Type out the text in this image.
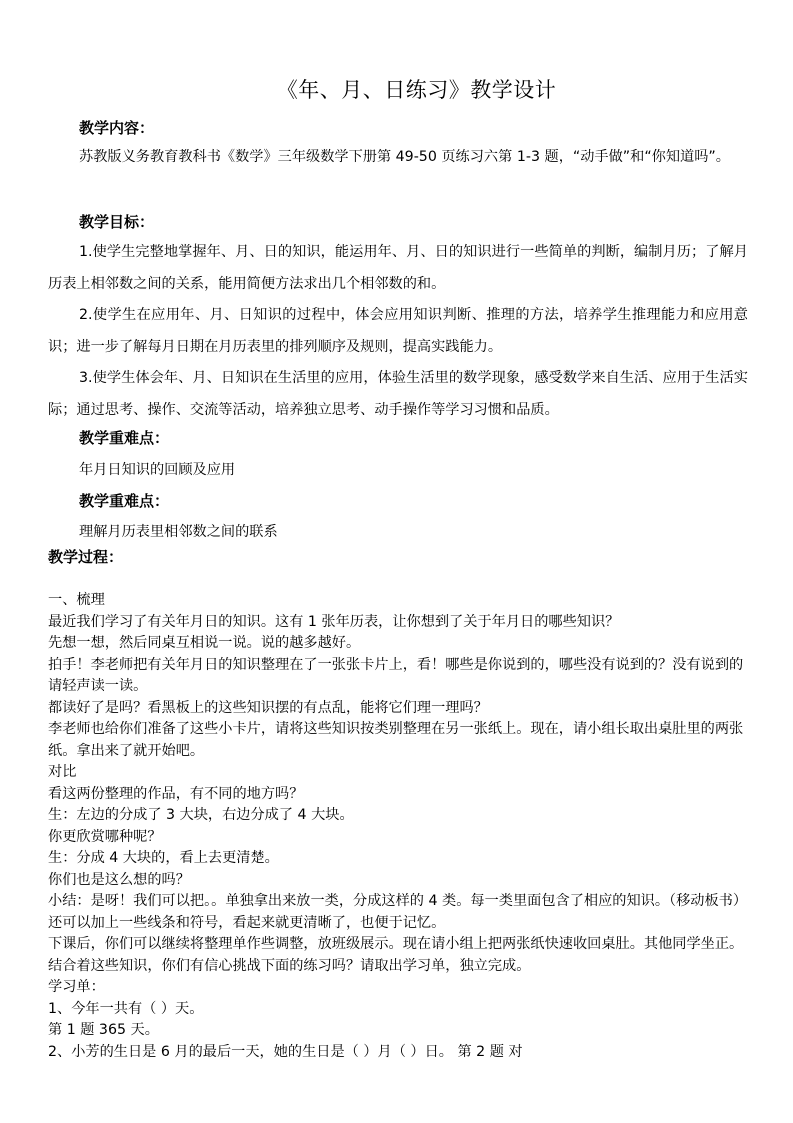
《年、月、日练习》教学设计
教学内容：

苏教版义务教育教科书《数学》三年级数学下册第 49-50 页练习六第 1-3 题，“动手做”和“你知道吗”。

教学目标：

1.使学生完整地掌握年、月、日的知识，能运用年、月、日的知识进行一些简单的判断，编制月历；了解月历表上相邻数之间的关系，能用简便方法求出几个相邻数的和。

2.使学生在应用年、月、日知识的过程中，体会应用知识判断、推理的方法，培养学生推理能力和应用意识；进一步了解每月日期在月历表里的排列顺序及规则，提高实践能力。

3.使学生体会年、月、日知识在生活里的应用，体验生活里的数学现象，感受数学来自生活、应用于生活实际；通过思考、操作、交流等活动，培养独立思考、动手操作等学习习惯和品质。

教学重难点：

年月日知识的回顾及应用

教学重难点：

理解月历表里相邻数之间的联系

教学过程：
一、梳理
最近我们学习了有关年月日的知识。这有 1 张年历表，让你想到了关于年月日的哪些知识？
先想一想，然后同桌互相说一说。说的越多越好。
拍手！李老师把有关年月日的知识整理在了一张张卡片上，看！哪些是你说到的，哪些没有说到的？没有说到的请轻声读一读。
都读好了是吗？看黑板上的这些知识摆的有点乱，能将它们理一理吗？
李老师也给你们准备了这些小卡片，请将这些知识按类别整理在另一张纸上。现在，请小组长取出桌肚里的两张纸。拿出来了就开始吧。
对比
看这两份整理的作品，有不同的地方吗？
生：左边的分成了 3 大块，右边分成了 4 大块。
你更欣赏哪种呢？
生：分成 4 大块的，看上去更清楚。
你们也是这么想的吗？
小结：是呀！我们可以把。。单独拿出来放一类，分成这样的 4 类。每一类里面包含了相应的知识。（移动板书）还可以加上一些线条和符号，看起来就更清晰了，也便于记忆。
下课后，你们可以继续将整理单作些调整，放班级展示。现在请小组上把两张纸快速收回桌肚。其他同学坐正。
结合着这些知识，你们有信心挑战下面的练习吗？请取出学习单，独立完成。
学习单：
1、今年一共有（ ）天。
第 1 题 365 天。
2、小芳的生日是 6 月的最后一天，她的生日是（ ）月（ ）日。 第 2 题 对
